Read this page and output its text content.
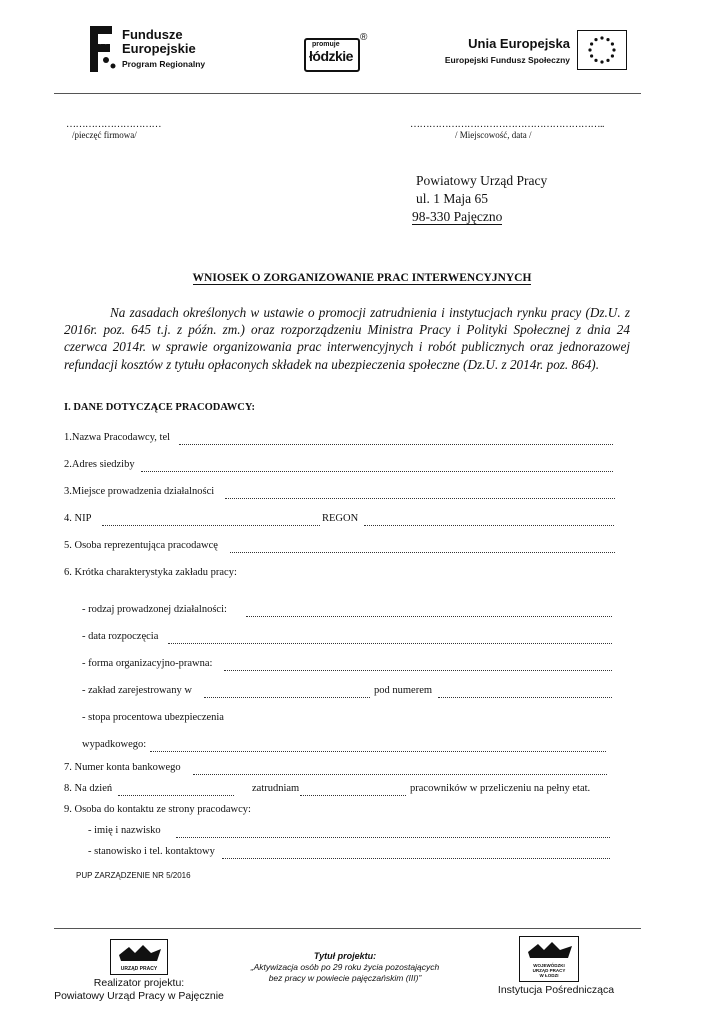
Fundusze
Europejskie
Program Regionalny
promuje
łódzkie
®	Unia Europejska
Europejski Fundusz Społeczny
…………………………
/pieczęć firmowa/
……………………………………………………..
/ Miejscowość, data /
Powiatowy Urząd Pracy
ul. 1 Maja 65
98-330 Pajęczno
WNIOSEK O ZORGANIZOWANIE PRAC INTERWENCYJNYCH

Na zasadach określonych w ustawie o promocji zatrudnienia i instytucjach rynku pracy (Dz.U. z 2016r. poz. 645 t.j. z późn. zm.) oraz rozporządzeniu Ministra Pracy i Polityki Społecznej z dnia 24 czerwca 2014r. w sprawie organizowania prac interwencyjnych i robót publicznych oraz jednorazowej refundacji kosztów z tytułu opłaconych składek na ubezpieczenia społeczne (Dz.U. z 2014r. poz. 864).

I. DANE DOTYCZĄCE PRACODAWCY:
1.Nazwa Pracodawcy, tel
2.Adres siedziby
3.Miejsce prowadzenia działalności
4. NIP	REGON
5. Osoba reprezentująca pracodawcę
6. Krótka charakterystyka zakładu pracy:
- rodzaj prowadzonej działalności:
- data rozpoczęcia
- forma organizacyjno-prawna:
- zakład zarejestrowany w	pod numerem
- stopa procentowa ubezpieczenia
wypadkowego:
7. Numer konta bankowego
8. Na dzień	zatrudniam	pracowników w przeliczeniu na pełny etat.
9. Osoba do kontaktu ze strony pracodawcy:
- imię i nazwisko
- stanowisko i tel. kontaktowy
PUP ZARZĄDZENIE NR 5/2016
URZĄD PRACY
Realizator projektu:
Powiatowy Urząd Pracy w Pajęcznie
Tytuł projektu:
„Aktywizacja osób po 29 roku życia pozostających
bez pracy w powiecie pajęczańskim (III)”
WOJEWÓDZKI
URZĄD PRACY
W ŁODZI
Instytucja Pośrednicząca
